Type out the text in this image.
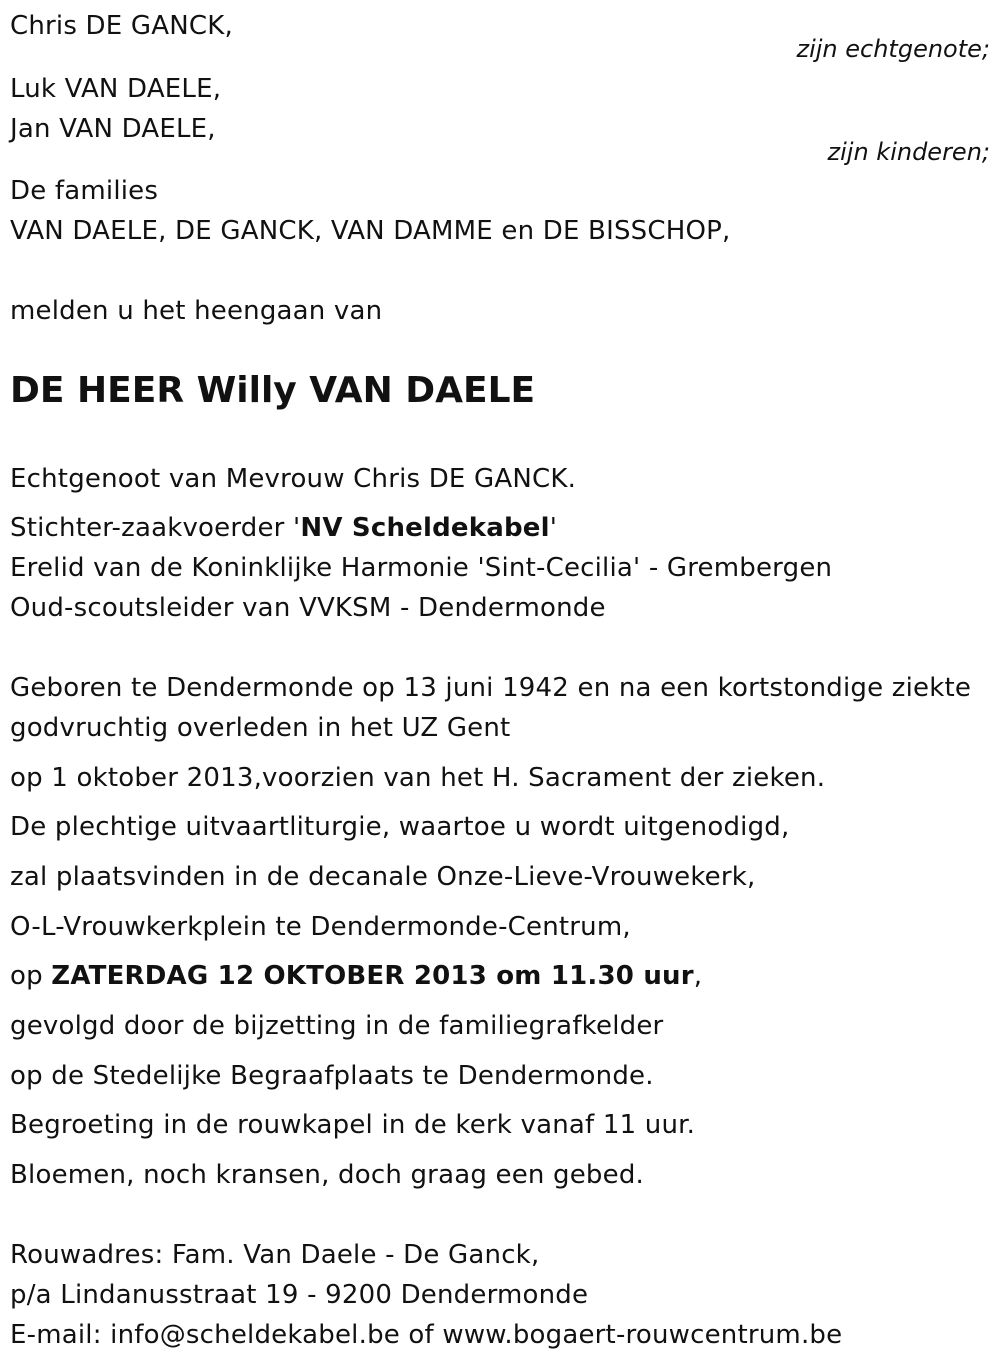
Chris DE GANCK,
zijn echtgenote;
Luk VAN DAELE,
Jan VAN DAELE,
zijn kinderen;
De families
VAN DAELE, DE GANCK, VAN DAMME en DE BISSCHOP,
melden u het heengaan van
DE HEER Willy VAN DAELE
Echtgenoot van Mevrouw Chris DE GANCK.
Stichter-zaakvoerder 'NV Scheldekabel'
Erelid van de Koninklijke Harmonie 'Sint-Cecilia' - Grembergen
Oud-scoutsleider van VVKSM - Dendermonde
Geboren te Dendermonde op 13 juni 1942 en na een kortstondige ziekte
godvruchtig overleden in het UZ Gent
op 1 oktober 2013,voorzien van het H. Sacrament der zieken.
De plechtige uitvaartliturgie, waartoe u wordt uitgenodigd,
zal plaatsvinden in de decanale Onze-Lieve-Vrouwekerk,
O-L-Vrouwkerkplein te Dendermonde-Centrum,
op ZATERDAG 12 OKTOBER 2013 om 11.30 uur,
gevolgd door de bijzetting in de familiegrafkelder
op de Stedelijke Begraafplaats te Dendermonde.
Begroeting in de rouwkapel in de kerk vanaf 11 uur.
Bloemen, noch kransen, doch graag een gebed.
Rouwadres: Fam. Van Daele - De Ganck,
p/a Lindanusstraat 19 - 9200 Dendermonde
E-mail: info@scheldekabel.be of www.bogaert-rouwcentrum.be
